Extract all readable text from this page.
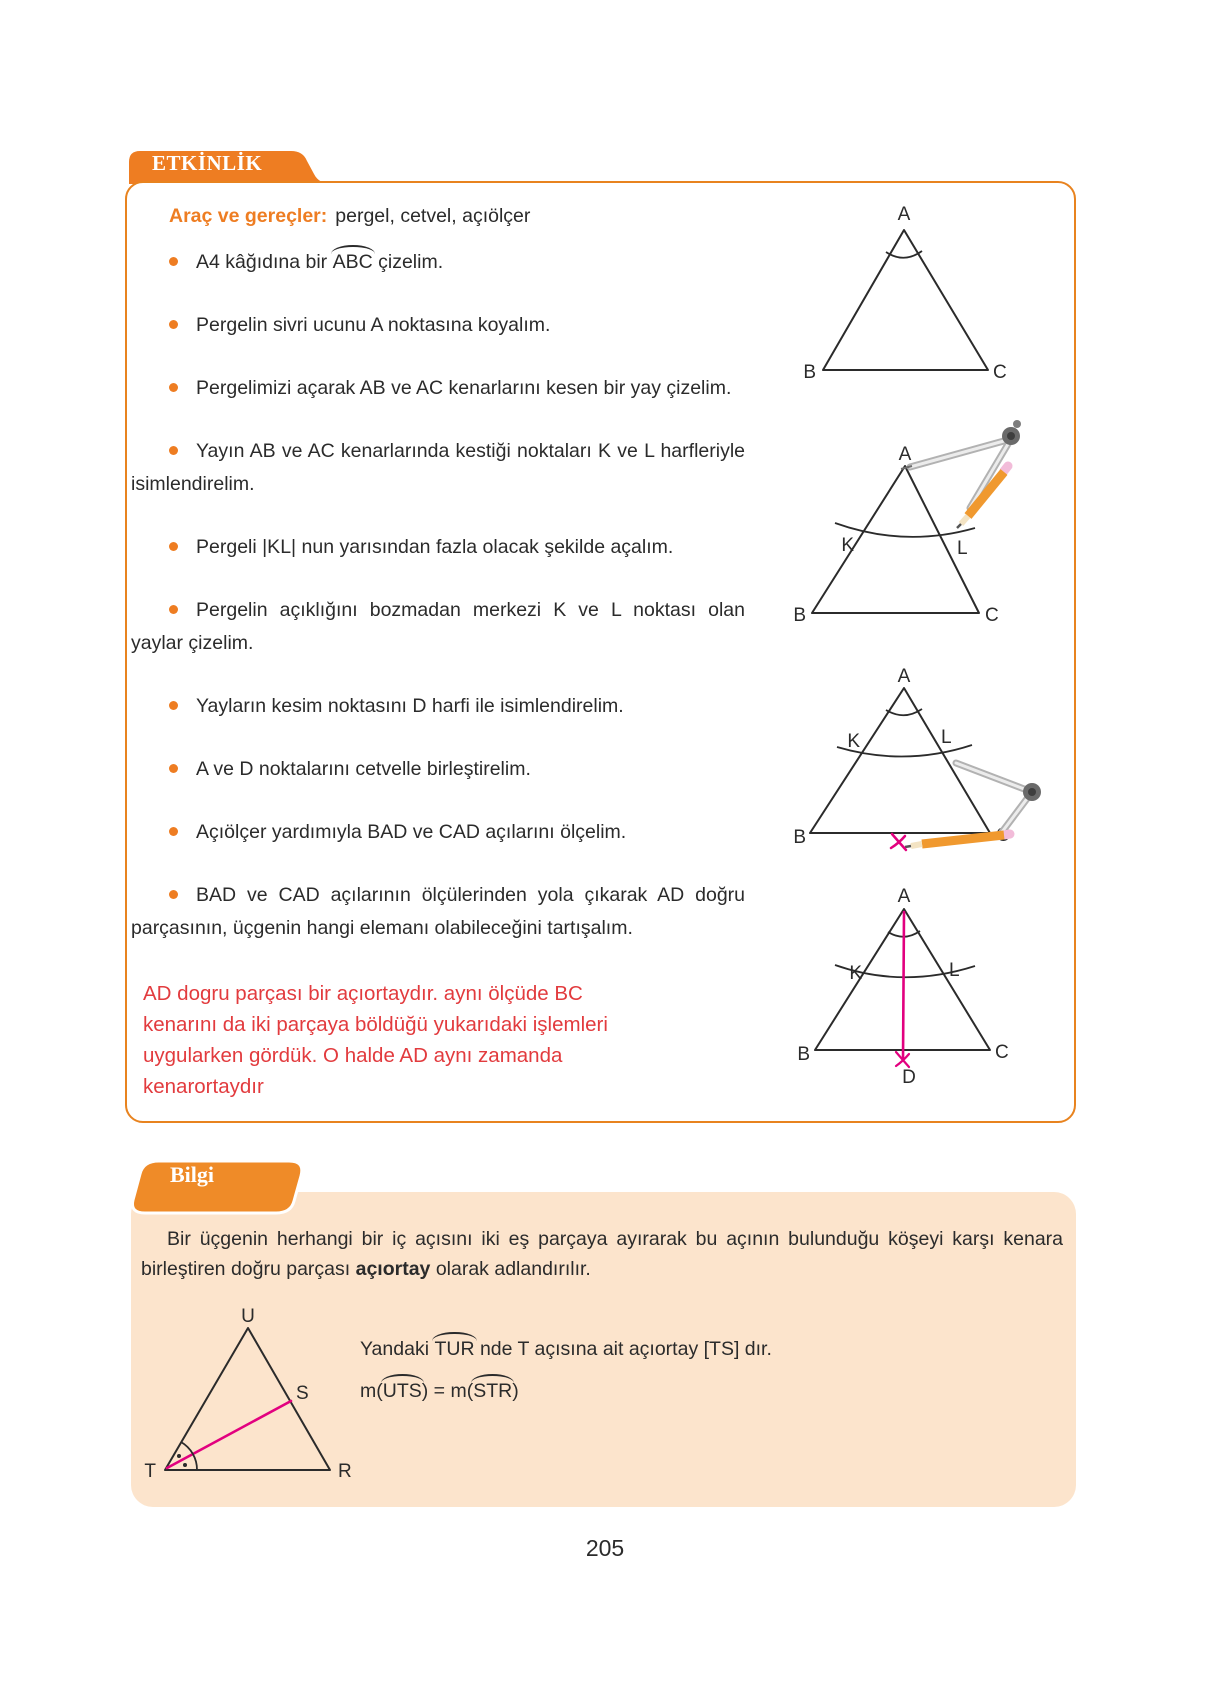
ETKİNLİK

Araç ve gereçler: pergel, cetvel, açıölçer

A4 kâğıdına bir ABC çizelim.

Pergelin sivri ucunu A noktasına koyalım.

Pergelimizi açarak AB ve AC kenarlarını kesen bir yay çizelim.

Yayın AB ve AC kenarlarında kestiği noktaları K ve L harfleriyle isimlendirelim.

Pergeli |KL| nun yarısından fazla olacak şekilde açalım.

Pergelin açıklığını bozmadan merkezi K ve L noktası olan yaylar çizelim.

Yayların kesim noktasını D harfi ile isimlendirelim.

A ve D noktalarını cetvelle birleştirelim.

Açıölçer yardımıyla BAD ve CAD açılarını ölçelim.

BAD ve CAD açılarının ölçülerinden yola çıkarak AD doğru parçasının, üçgenin hangi elemanı olabileceğini tartışalım.

AD dogru parçası bir açıortaydır. aynı ölçüde BC
kenarını da iki parçaya böldüğü yukarıdaki işlemleri
uygularken gördük. O halde AD aynı zamanda
kenarortaydır
A
B	C
A
B	C
K	L
A
B
K	L
A
B	C
K	L
D
Bilgi

Bir üçgenin herhangi bir iç açısını iki eş parçaya ayırarak bu açının bulunduğu köşeyi karşı kenara birleştiren doğru parçası açıortay olarak adlandırılır.

U
T	R
S
Yandaki TUR nde T açısına ait açıortay [TS] dır.
m(UTS) = m(STR)
205
